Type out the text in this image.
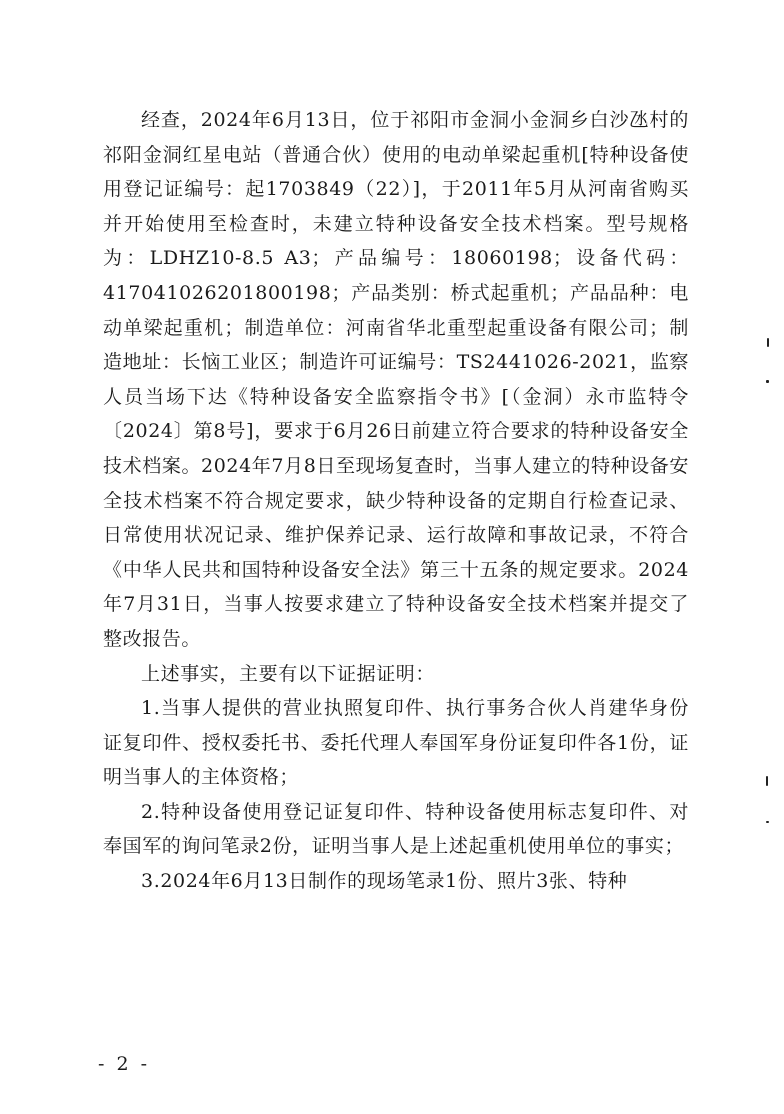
经查，2024年6月13日，位于祁阳市金洞小金洞乡白沙氹村的祁阳金洞红星电站（普通合伙）使用的电动单梁起重机[特种设备使用登记证编号：起1703849（22）]，于2011年5月从河南省购买并开始使用至检查时，未建立特种设备安全技术档案。型号规格为：LDHZ10-8.5 A3；产品编号：18060198；设备代码：417041026201800198；产品类别：桥式起重机；产品品种：电动单梁起重机；制造单位：河南省华北重型起重设备有限公司；制造地址：长恼工业区；制造许可证编号：TS2441026-2021，监察人员当场下达《特种设备安全监察指令书》[（金洞）永市监特令〔2024〕第8号]，要求于6月26日前建立符合要求的特种设备安全技术档案。2024年7月8日至现场复查时，当事人建立的特种设备安全技术档案不符合规定要求，缺少特种设备的定期自行检查记录、日常使用状况记录、维护保养记录、运行故障和事故记录，不符合《中华人民共和国特种设备安全法》第三十五条的规定要求。2024年7月31日，当事人按要求建立了特种设备安全技术档案并提交了整改报告。

上述事实，主要有以下证据证明：

1.当事人提供的营业执照复印件、执行事务合伙人肖建华身份证复印件、授权委托书、委托代理人奉国军身份证复印件各1份，证明当事人的主体资格；

2.特种设备使用登记证复印件、特种设备使用标志复印件、对奉国军的询问笔录2份，证明当事人是上述起重机使用单位的事实；

3.2024年6月13日制作的现场笔录1份、照片3张、特种

- 2 -
